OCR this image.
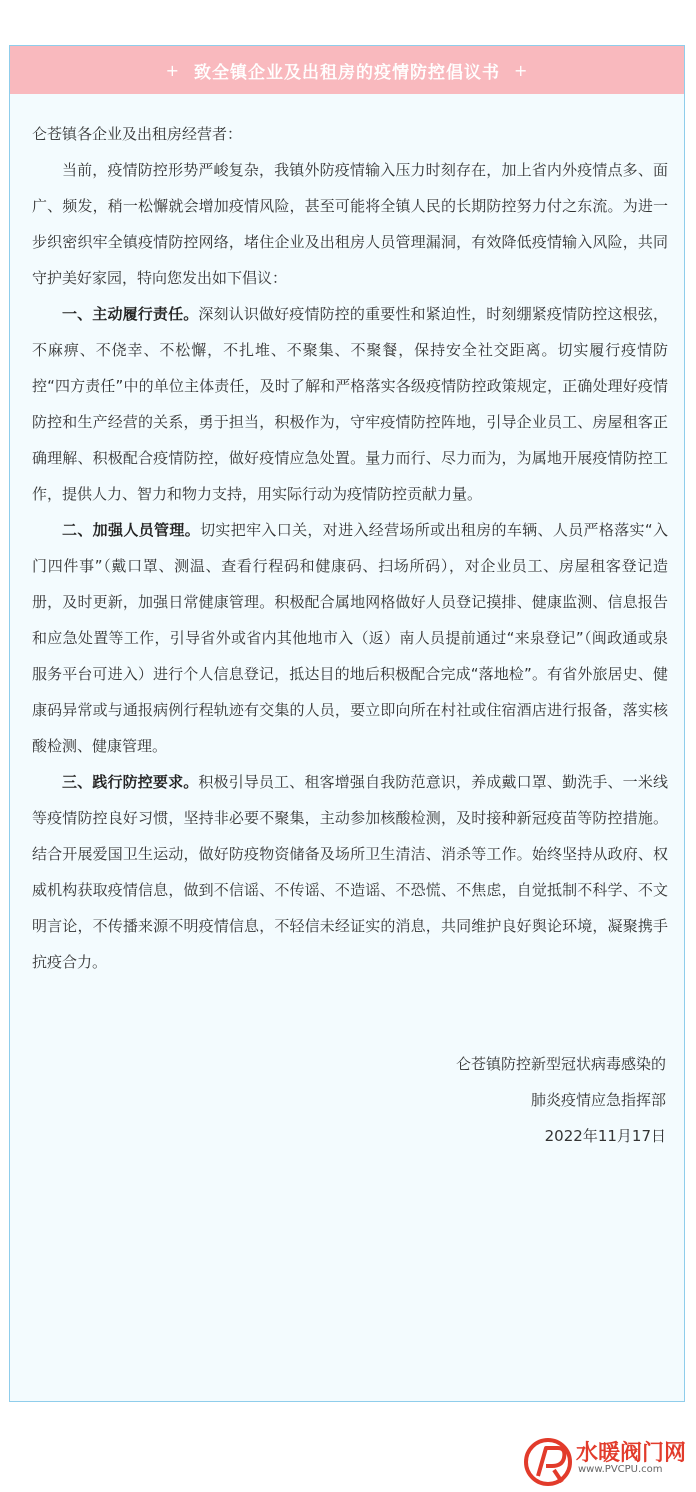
+ 致全镇企业及出租房的疫情防控倡议书 +

仑苍镇各企业及出租房经营者：

当前，疫情防控形势严峻复杂，我镇外防疫情输入压力时刻存在，加上省内外疫情点多、面广、频发，稍一松懈就会增加疫情风险，甚至可能将全镇人民的长期防控努力付之东流。为进一步织密织牢全镇疫情防控网络，堵住企业及出租房人员管理漏洞，有效降低疫情输入风险，共同守护美好家园，特向您发出如下倡议：

一、主动履行责任。深刻认识做好疫情防控的重要性和紧迫性，时刻绷紧疫情防控这根弦，不麻痹、不侥幸、不松懈，不扎堆、不聚集、不聚餐，保持安全社交距离。切实履行疫情防控“四方责任”中的单位主体责任，及时了解和严格落实各级疫情防控政策规定，正确处理好疫情防控和生产经营的关系，勇于担当，积极作为，守牢疫情防控阵地，引导企业员工、房屋租客正确理解、积极配合疫情防控，做好疫情应急处置。量力而行、尽力而为，为属地开展疫情防控工作，提供人力、智力和物力支持，用实际行动为疫情防控贡献力量。

二、加强人员管理。切实把牢入口关，对进入经营场所或出租房的车辆、人员严格落实“入门四件事”（戴口罩、测温、查看行程码和健康码、扫场所码），对企业员工、房屋租客登记造册，及时更新，加强日常健康管理。积极配合属地网格做好人员登记摸排、健康监测、信息报告和应急处置等工作，引导省外或省内其他地市入（返）南人员提前通过“来泉登记”（闽政通或泉服务平台可进入）进行个人信息登记，抵达目的地后积极配合完成“落地检”。有省外旅居史、健康码异常或与通报病例行程轨迹有交集的人员，要立即向所在村社或住宿酒店进行报备，落实核酸检测、健康管理。

三、践行防控要求。积极引导员工、租客增强自我防范意识，养成戴口罩、勤洗手、一米线等疫情防控良好习惯，坚持非必要不聚集，主动参加核酸检测，及时接种新冠疫苗等防控措施。结合开展爱国卫生运动，做好防疫物资储备及场所卫生清洁、消杀等工作。始终坚持从政府、权威机构获取疫情信息，做到不信谣、不传谣、不造谣、不恐慌、不焦虑，自觉抵制不科学、不文明言论，不传播来源不明疫情信息，不轻信未经证实的消息，共同维护良好舆论环境，凝聚携手抗疫合力。

仑苍镇防控新型冠状病毒感染的

肺炎疫情应急指挥部

2022年11月17日

水暖阀门网
www.PVCPU.com
